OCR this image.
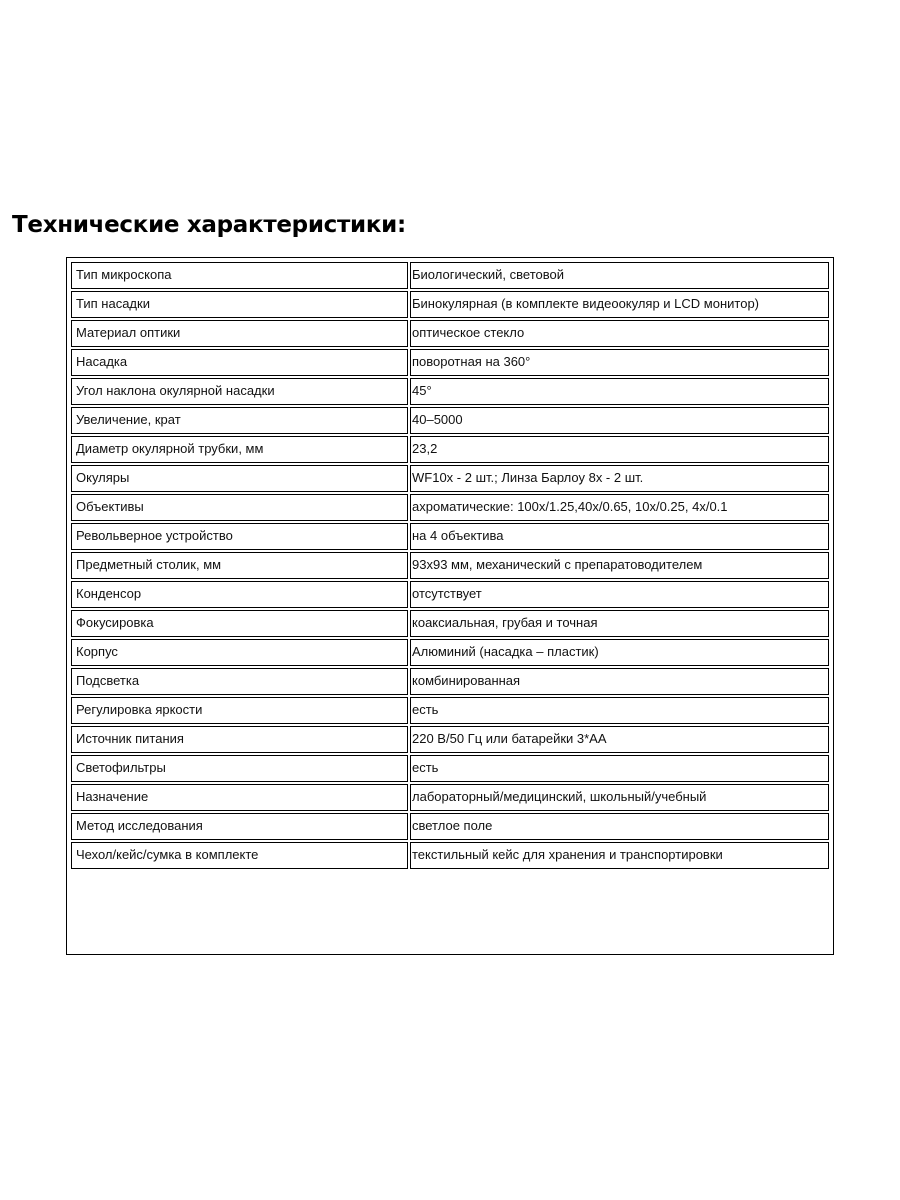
Технические характеристики:
Тип микроскопа	Биологический, световой
Тип насадки	Бинокулярная (в комплекте видеоокуляр и LCD монитор)
Материал оптики	оптическое стекло
Насадка	поворотная на 360°
Угол наклона окулярной насадки	45°
Увеличение, крат	40–5000
Диаметр окулярной трубки, мм	23,2
Окуляры	WF10x - 2 шт.; Линза Барлоу 8х - 2 шт.
Объективы	ахроматические: 100x/1.25,40x/0.65, 10x/0.25, 4x/0.1
Револьверное устройство	на 4 объектива
Предметный столик, мм	93х93 мм, механический с препаратоводителем
Конденсор	отсутствует
Фокусировка	коаксиальная, грубая и точная
Корпус	Алюминий (насадка – пластик)
Подсветка	комбинированная
Регулировка яркости	есть
Источник питания	220 В/50 Гц или батарейки 3*АА
Светофильтры	есть
Назначение	лабораторный/медицинский, школьный/учебный
Метод исследования	светлое поле
Чехол/кейс/сумка в комплекте	текстильный кейс для хранения и транспортировки
